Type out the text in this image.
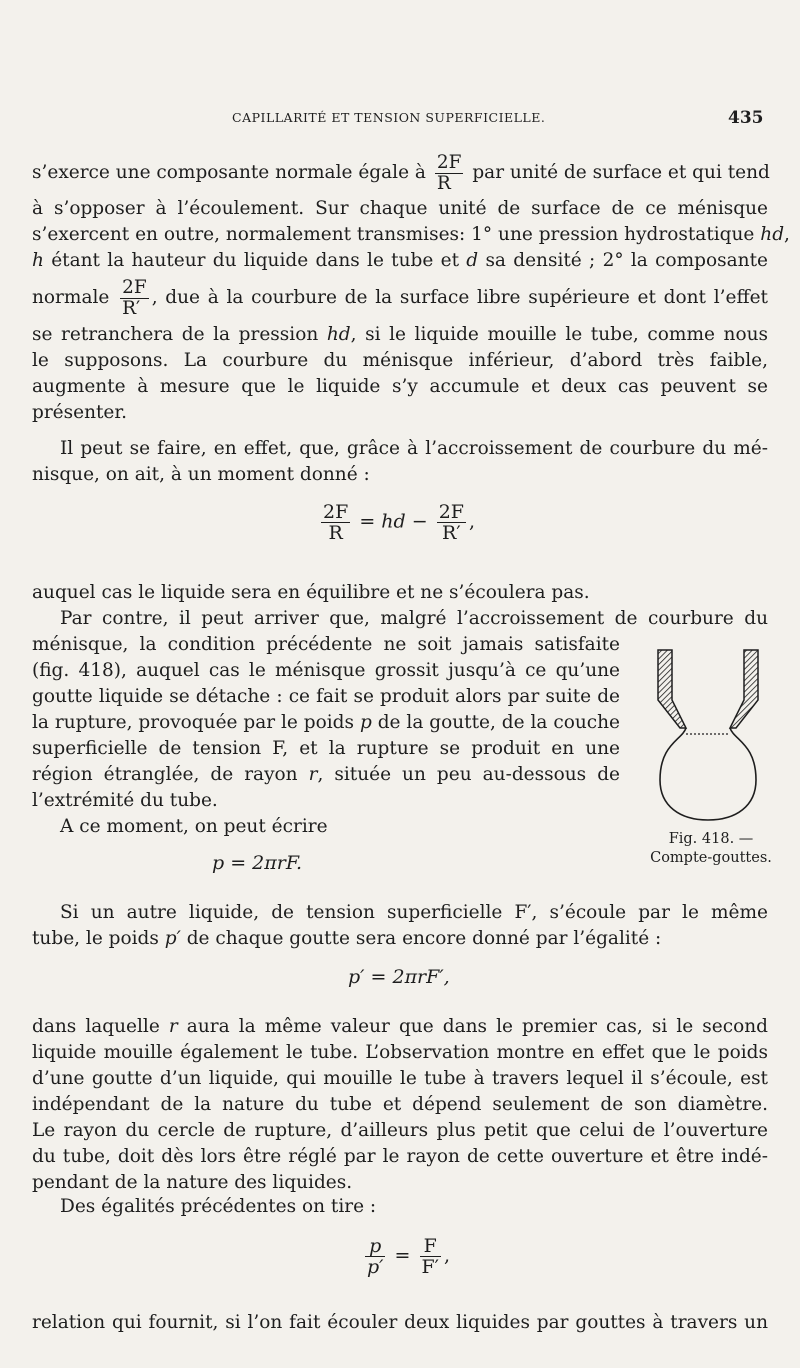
CAPILLARITÉ ET TENSION SUPERFICIELLE.	435
s’exerce une composante normale égale à $\frac{2F}{R}$ par unité de surface et qui tend
à s’opposer à l’écoulement. Sur chaque unité de surface de ce ménisque
s’exercent en outre, normalement transmises: 1° une pression hydrostatique hd,
h étant la hauteur du liquide dans le tube et d sa densité ; 2° la composante
normale $\frac{2F}{R'}$ , due à la courbure de la surface libre supérieure et dont l’effet
se retranchera de la pression hd, si le liquide mouille le tube, comme nous
le supposons. La courbure du ménisque inférieur, d’abord très faible,
augmente à mesure que le liquide s’y accumule et deux cas peuvent se
présenter.
Il peut se faire, en effet, que, grâce à l’accroissement de courbure du mé-
nisque, on ait, à un moment donné :
$\frac{2F}{R}$ = hd − $\frac{2F}{R'}$ ,
auquel cas le liquide sera en équilibre et ne s’écoulera pas.
Par contre, il peut arriver que, malgré l’accroissement de courbure du
ménisque, la condition précédente ne soit jamais satisfaite
(fig. 418), auquel cas le ménisque grossit jusqu’à ce qu’une
goutte liquide se détache : ce fait se produit alors par suite de
la rupture, provoquée par le poids p de la goutte, de la couche
superficielle de tension F, et la rupture se produit en une
région étranglée, de rayon r, située un peu au-dessous de
l’extrémité du tube.
A ce moment, on peut écrire
p = 2πrF.
Fig. 418. —
Compte-gouttes.
Si un autre liquide, de tension superficielle F′, s’écoule par le même
tube, le poids p′ de chaque goutte sera encore donné par l’égalité :
p′ = 2πrF′,
dans laquelle r aura la même valeur que dans le premier cas, si le second
liquide mouille également le tube. L’observation montre en effet que le poids
d’une goutte d’un liquide, qui mouille le tube à travers lequel il s’écoule, est
indépendant de la nature du tube et dépend seulement de son diamètre.
Le rayon du cercle de rupture, d’ailleurs plus petit que celui de l’ouverture
du tube, doit dès lors être réglé par le rayon de cette ouverture et être indé-
pendant de la nature des liquides.
Des égalités précédentes on tire :
$\frac{p}{p'} = \frac{F}{F'}$ ,
relation qui fournit, si l’on fait écouler deux liquides par gouttes à travers un
